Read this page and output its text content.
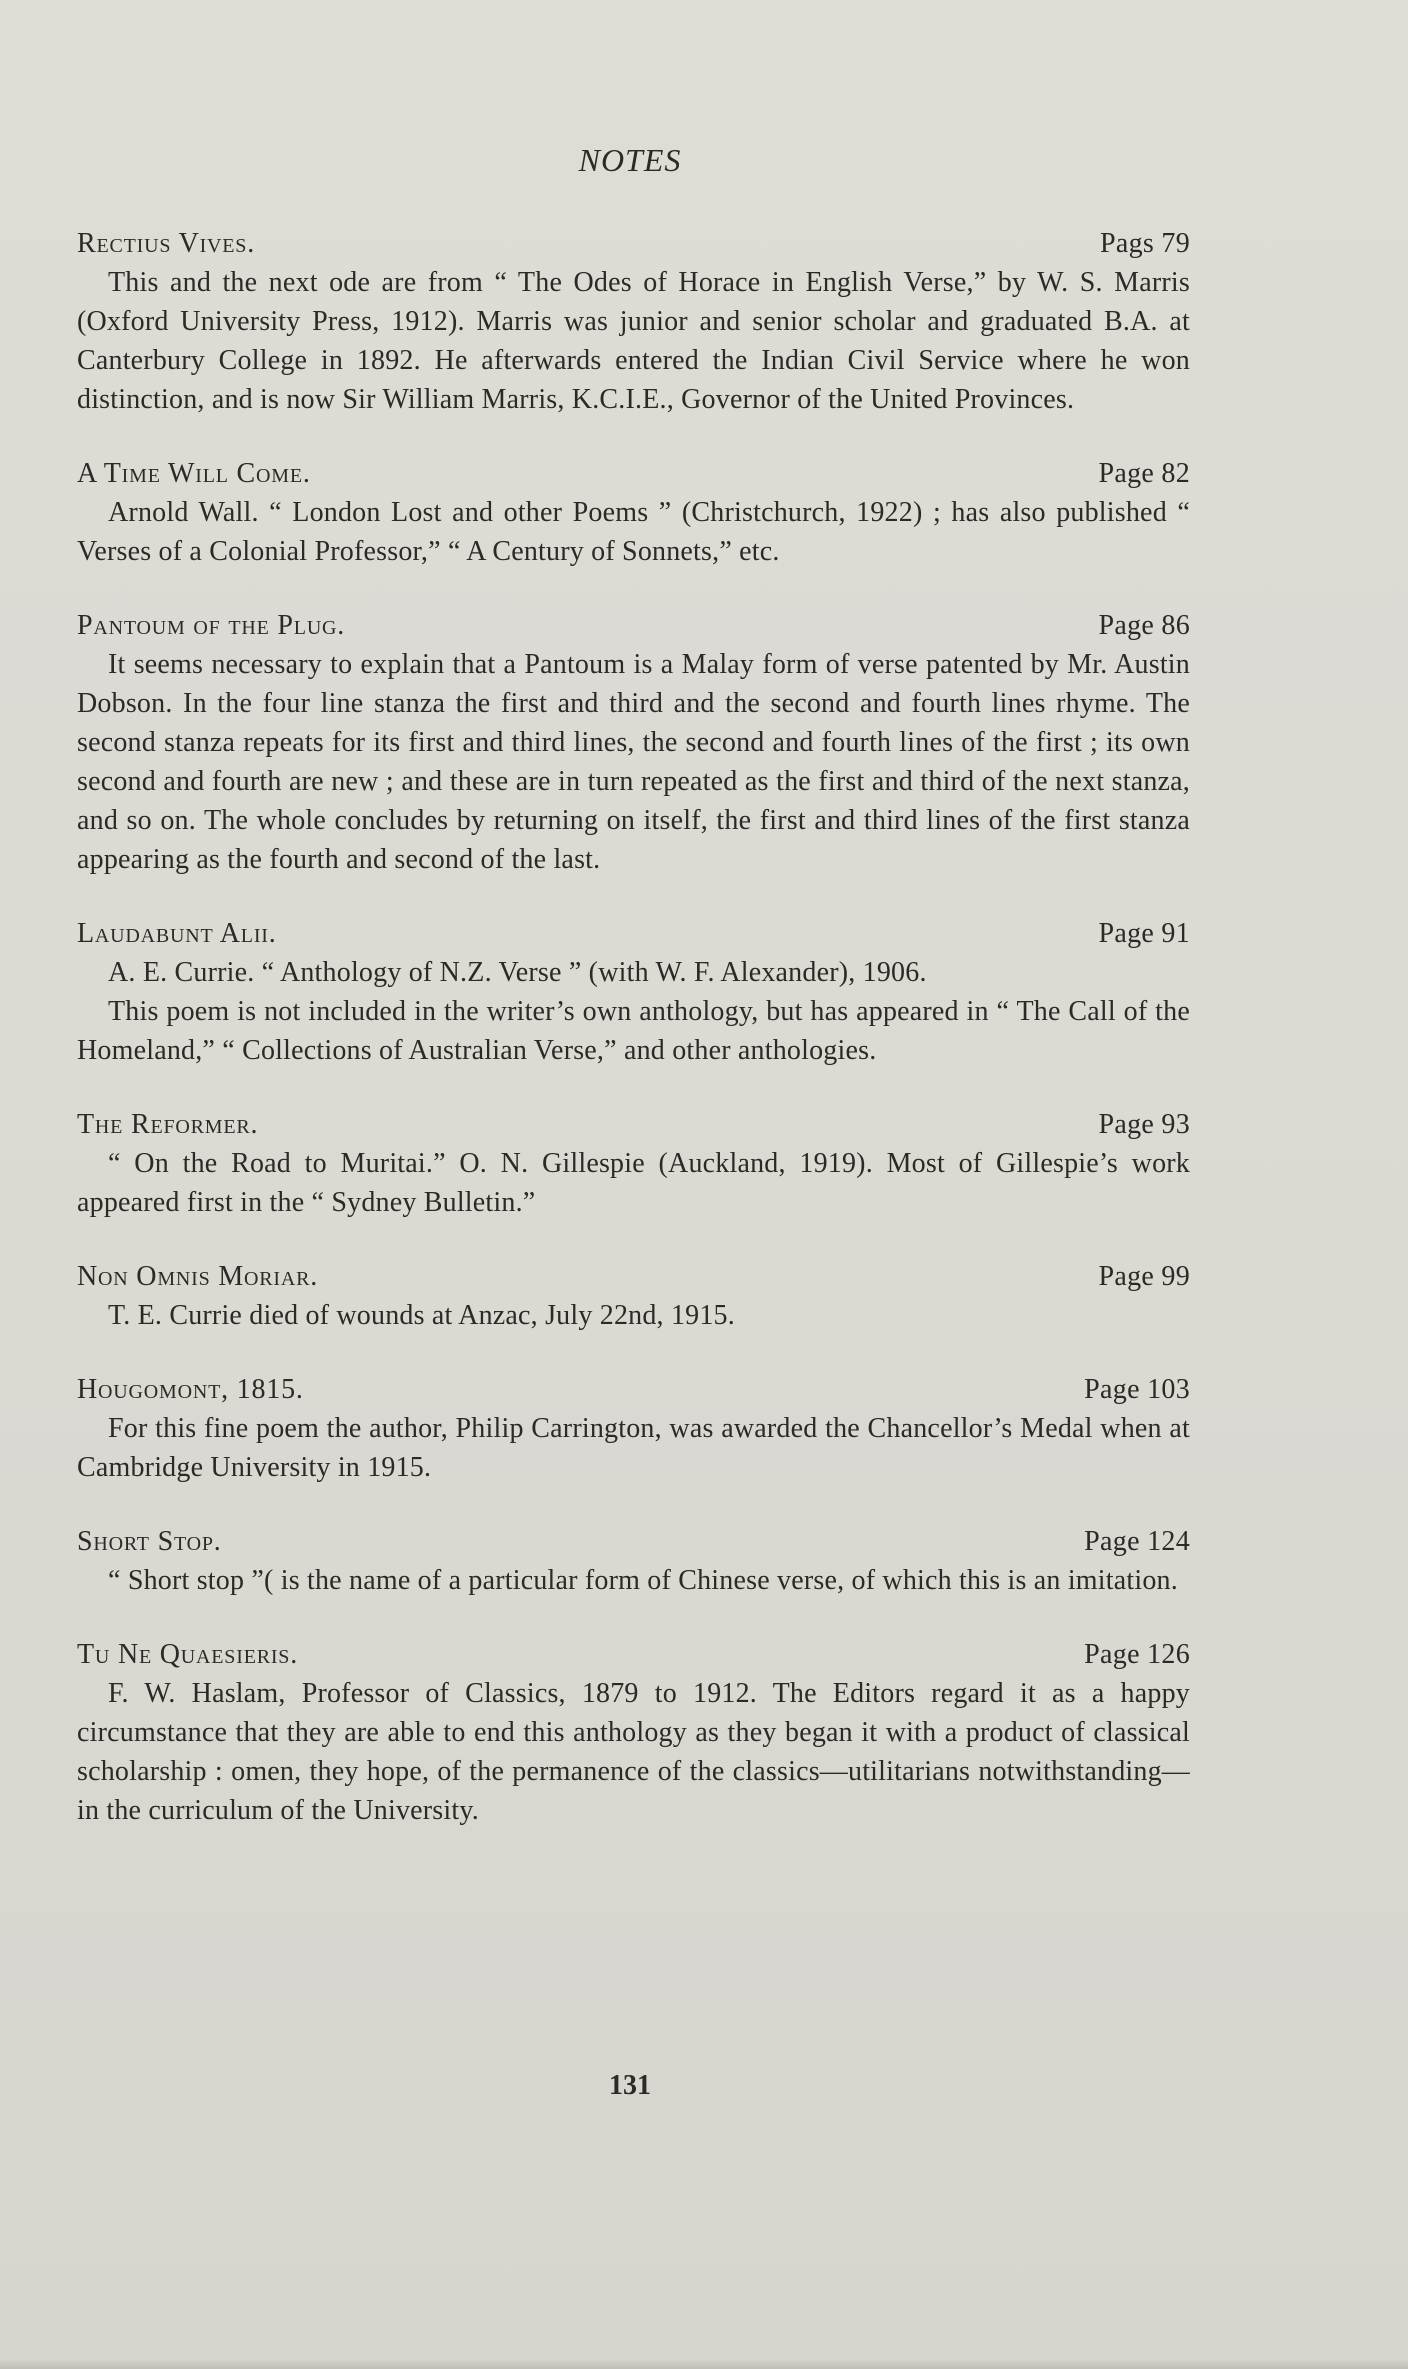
NOTES
Rectius Vives.	Pags 79

This and the next ode are from “ The Odes of Horace in English Verse,” by W. S. Marris (Oxford University Press, 1912). Marris was junior and senior scholar and graduated B.A. at Canterbury College in 1892. He afterwards entered the Indian Civil Service where he won distinction, and is now Sir William Marris, K.C.I.E., Governor of the United Provinces.

A Time Will Come.	Page 82

Arnold Wall. “ London Lost and other Poems ” (Christchurch, 1922) ; has also published “ Verses of a Colonial Professor,” “ A Century of Sonnets,” etc.

Pantoum of the Plug.	Page 86

It seems necessary to explain that a Pantoum is a Malay form of verse patented by Mr. Austin Dobson. In the four line stanza the first and third and the second and fourth lines rhyme. The second stanza repeats for its first and third lines, the second and fourth lines of the first ; its own second and fourth are new ; and these are in turn repeated as the first and third of the next stanza, and so on. The whole concludes by returning on itself, the first and third lines of the first stanza appearing as the fourth and second of the last.

Laudabunt Alii.	Page 91

A. E. Currie. “ Anthology of N.Z. Verse ” (with W. F. Alexander), 1906.

This poem is not included in the writer’s own anthology, but has appeared in “ The Call of the Homeland,” “ Collections of Australian Verse,” and other anthologies.

The Reformer.	Page 93

“ On the Road to Muritai.” O. N. Gillespie (Auckland, 1919). Most of Gillespie’s work appeared first in the “ Sydney Bulletin.”

Non Omnis Moriar.	Page 99

T. E. Currie died of wounds at Anzac, July 22nd, 1915.

Hougomont, 1815.	Page 103

For this fine poem the author, Philip Carrington, was awarded the Chancellor’s Medal when at Cambridge University in 1915.

Short Stop.	Page 124

“ Short stop ”( is the name of a particular form of Chinese verse, of which this is an imitation.

Tu Ne Quaesieris.	Page 126

F. W. Haslam, Professor of Classics, 1879 to 1912. The Editors regard it as a happy circumstance that they are able to end this anthology as they began it with a product of classical scholarship : omen, they hope, of the permanence of the classics—utilitarians notwithstanding—in the curriculum of the University.

131
